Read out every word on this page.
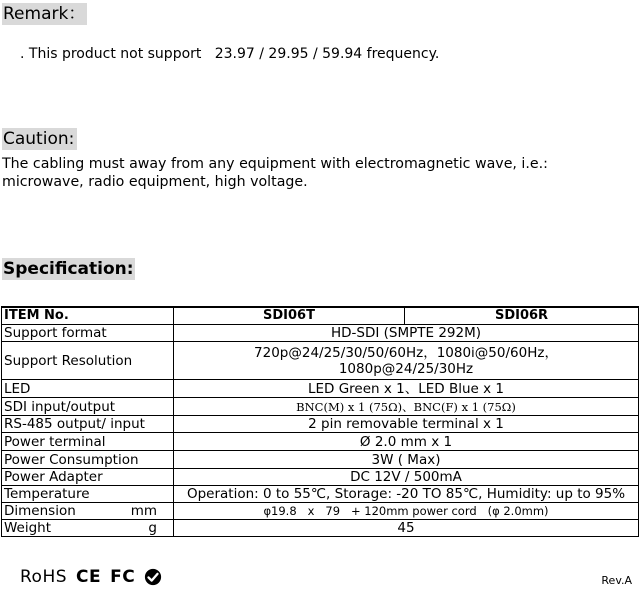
Remark：
. This product not support   23.97 / 29.95 / 59.94 frequency.
Caution:
The cabling must away from any equipment with electromagnetic wave, i.e.:
microwave, radio equipment, high voltage.
Specification:
ITEM No.	SDI06T	SDI06R
Support format	HD-SDI (SMPTE 292M)	
Support Resolution	720p@24/25/30/50/60Hz，1080i@50/60Hz，
1080p@24/25/30Hz	

LED	LED Green x 1、LED Blue x 1	
SDI input/output	BNC(M) x 1 (75Ω)、BNC(F) x 1 (75Ω)	
RS-485 output/ input	2 pin removable terminal x 1	
Power terminal	Ø 2.0 mm x 1	
Power Consumption	3W ( Max)	
Power Adapter	DC 12V / 500mA	
Temperature	Operation: 0 to 55℃, Storage: -20 TO 85℃, Humidity: up to 95%	
Dimension mm	φ19.8   x   79   + 120mm power cord   (φ 2.0mm)	
Weight g	45	
RoHS CE FC	Rev.A
